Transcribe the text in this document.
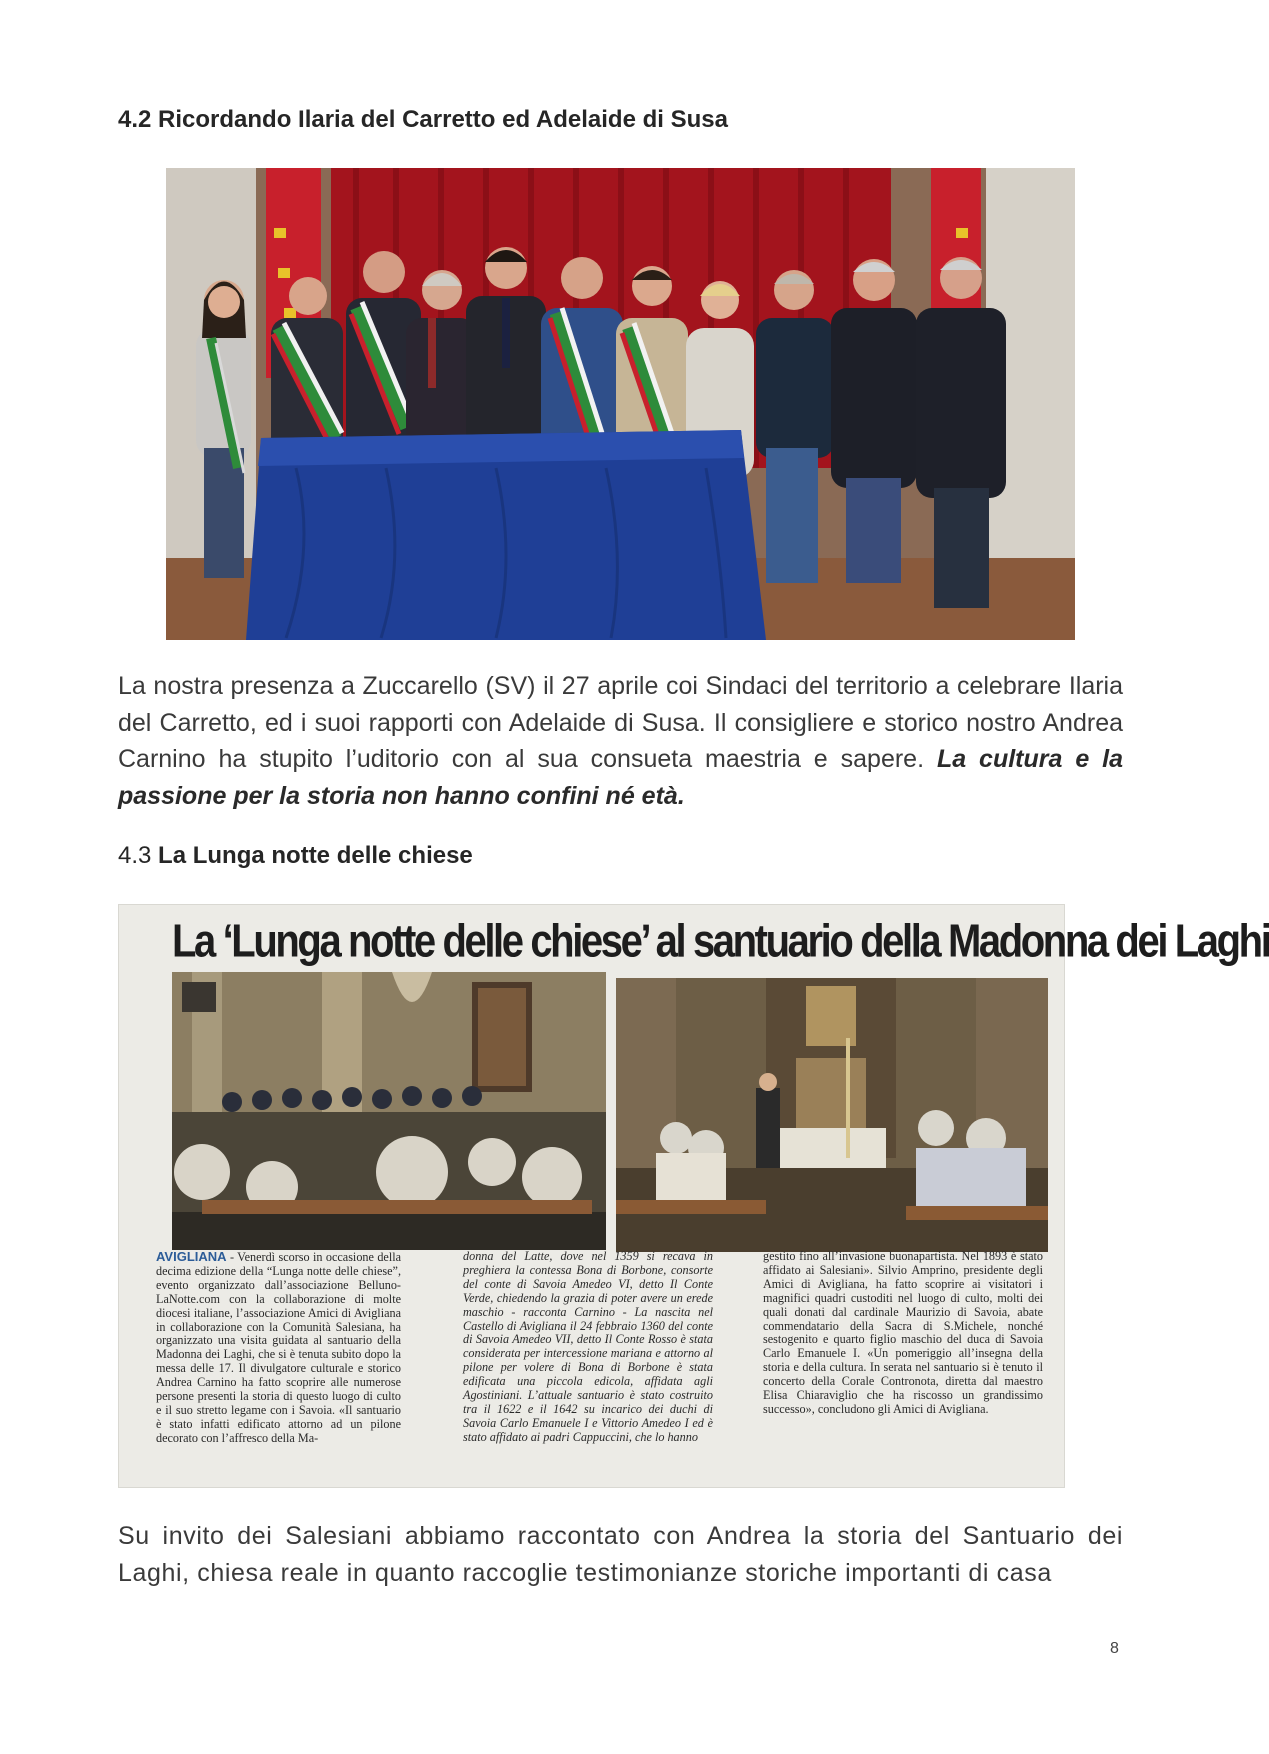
4.2 Ricordando Ilaria del Carretto ed Adelaide di Susa

La nostra presenza a Zuccarello (SV) il 27 aprile coi Sindaci del territorio a celebrare Ilaria del Carretto, ed i suoi rapporti con Adelaide di Susa. Il consigliere e storico nostro Andrea Carnino ha stupito l’uditorio con al sua consueta maestria e sapere. La cultura e la passione per la storia non hanno confini né età.

4.3 La Lunga notte delle chiese
La ‘Lunga notte delle chiese’ al santuario della Madonna dei Laghi
AVIGLIANA - Venerdì scorso in occasione della decima edizione della “Lunga notte delle chiese”, evento organizzato dall’associazione Belluno-LaNotte.com con la collaborazione di molte diocesi italiane, l’associazione Amici di Avigliana in collaborazione con la Comunità Salesiana, ha organizzato una visita guidata al santuario della Madonna dei Laghi, che si è tenuta subito dopo la messa delle 17. Il divulgatore culturale e storico Andrea Carnino ha fatto scoprire alle numerose persone presenti la storia di questo luogo di culto e il suo stretto legame con i Savoia. «Il santuario è stato infatti edificato attorno ad un pilone decorato con l’affresco della Ma-
donna del Latte, dove nel 1359 si recava in preghiera la contessa Bona di Borbone, consorte del conte di Savoia Amedeo VI, detto Il Conte Verde, chiedendo la grazia di poter avere un erede maschio - racconta Carnino - La nascita nel Castello di Avigliana il 24 febbraio 1360 del conte di Savoia Amedeo VII, detto Il Conte Rosso è stata considerata per intercessione mariana e attorno al pilone per volere di Bona di Borbone è stata edificata una piccola edicola, affidata agli Agostiniani. L’attuale santuario è stato costruito tra il 1622 e il 1642 su incarico dei duchi di Savoia Carlo Emanuele I e Vittorio Amedeo I ed è stato affidato ai padri Cappuccini, che lo hanno
gestito fino all’invasione buonapartista. Nel 1893 è stato affidato ai Salesiani». Silvio Amprino, presidente degli Amici di Avigliana, ha fatto scoprire ai visitatori i magnifici quadri custoditi nel luogo di culto, molti dei quali donati dal cardinale Maurizio di Savoia, abate commendatario della Sacra di S.Michele, nonché sestogenito e quarto figlio maschio del duca di Savoia Carlo Emanuele I. «Un pomeriggio all’insegna della storia e della cultura. In serata nel santuario si è tenuto il concerto della Corale Contronota, diretta dal maestro Elisa Chiaraviglio che ha riscosso un grandissimo successo», concludono gli Amici di Avigliana.

Su invito dei Salesiani abbiamo raccontato con Andrea la storia del Santuario dei Laghi, chiesa reale in quanto raccoglie testimonianze storiche importanti di casa

8
